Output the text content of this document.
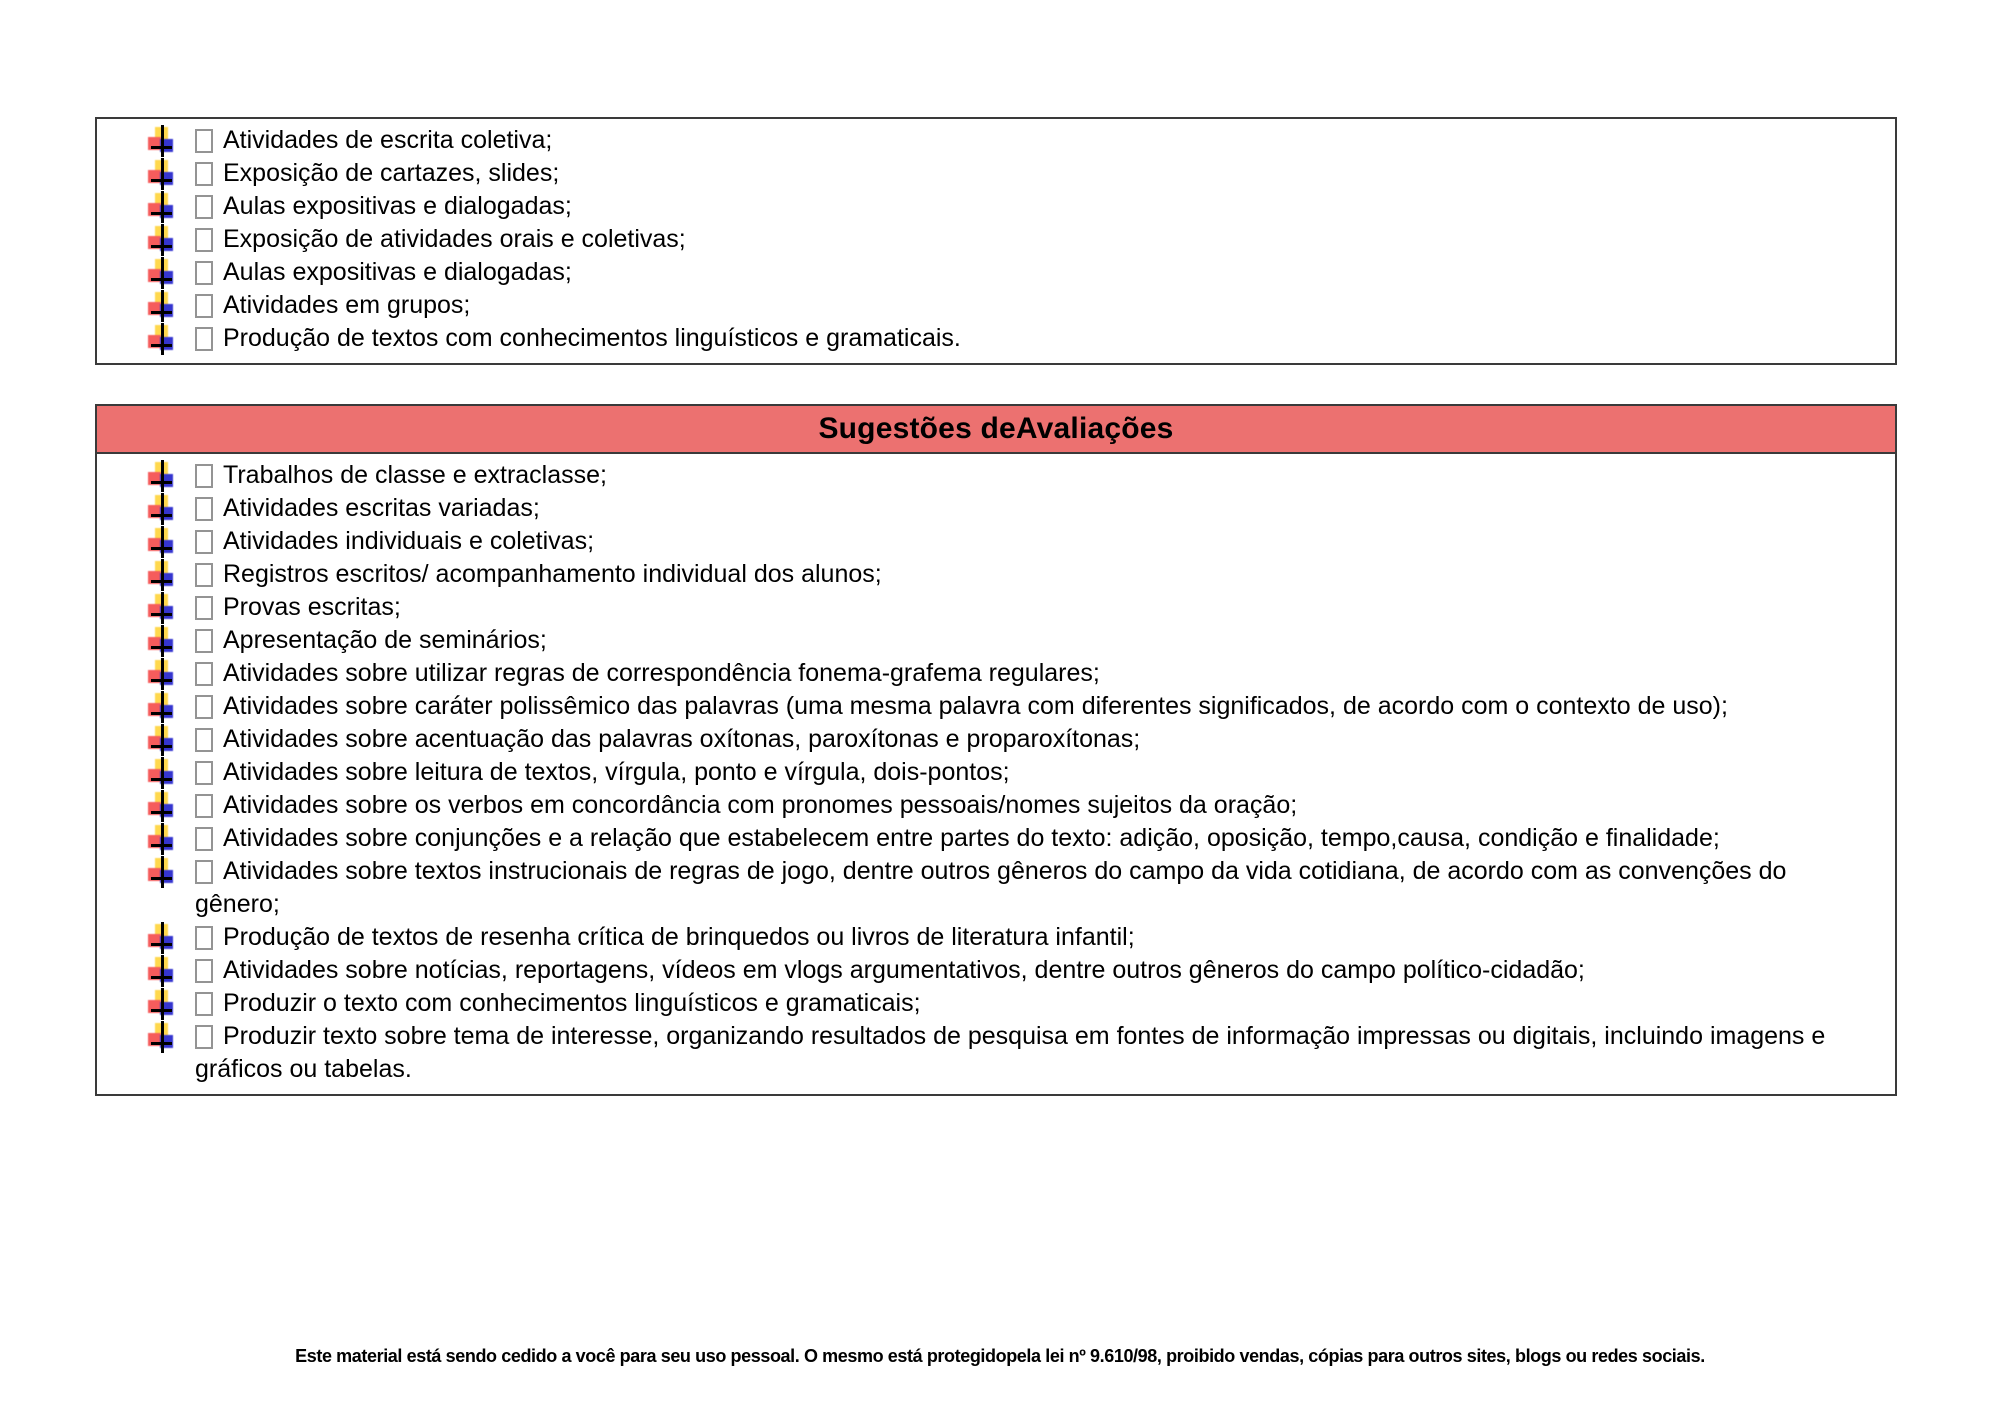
Atividades de escrita coletiva;
Exposição de cartazes, slides;
Aulas expositivas e dialogadas;
Exposição de atividades orais e coletivas;
Aulas expositivas e dialogadas;
Atividades em grupos;
Produção de textos com conhecimentos linguísticos e gramaticais.
Sugestões deAvaliações
Trabalhos de classe e extraclasse;
Atividades escritas variadas;
Atividades individuais e coletivas;
Registros escritos/ acompanhamento individual dos alunos;
Provas escritas;
Apresentação de seminários;
Atividades sobre utilizar regras de correspondência fonema-grafema regulares;
Atividades sobre caráter polissêmico das palavras (uma mesma palavra com diferentes significados, de acordo com o contexto de uso);
Atividades sobre acentuação das palavras oxítonas, paroxítonas e proparoxítonas;
Atividades sobre leitura de textos, vírgula, ponto e vírgula, dois-pontos;
Atividades sobre os verbos em concordância com pronomes pessoais/nomes sujeitos da oração;
Atividades sobre conjunções e a relação que estabelecem entre partes do texto: adição, oposição, tempo,causa, condição e finalidade;
Atividades sobre textos instrucionais de regras de jogo, dentre outros gêneros do campo da vida cotidiana, de acordo com as convenções do gênero;
Produção de textos de resenha crítica de brinquedos ou livros de literatura infantil;
Atividades sobre notícias, reportagens, vídeos em vlogs argumentativos, dentre outros gêneros do campo político-cidadão;
Produzir o texto com conhecimentos linguísticos e gramaticais;
Produzir texto sobre tema de interesse, organizando resultados de pesquisa em fontes de informação impressas ou digitais, incluindo imagens e gráficos ou tabelas.

Este material está sendo cedido a você para seu uso pessoal. O mesmo está protegidopela lei nº 9.610/98, proibido vendas, cópias para outros sites, blogs ou redes sociais.
